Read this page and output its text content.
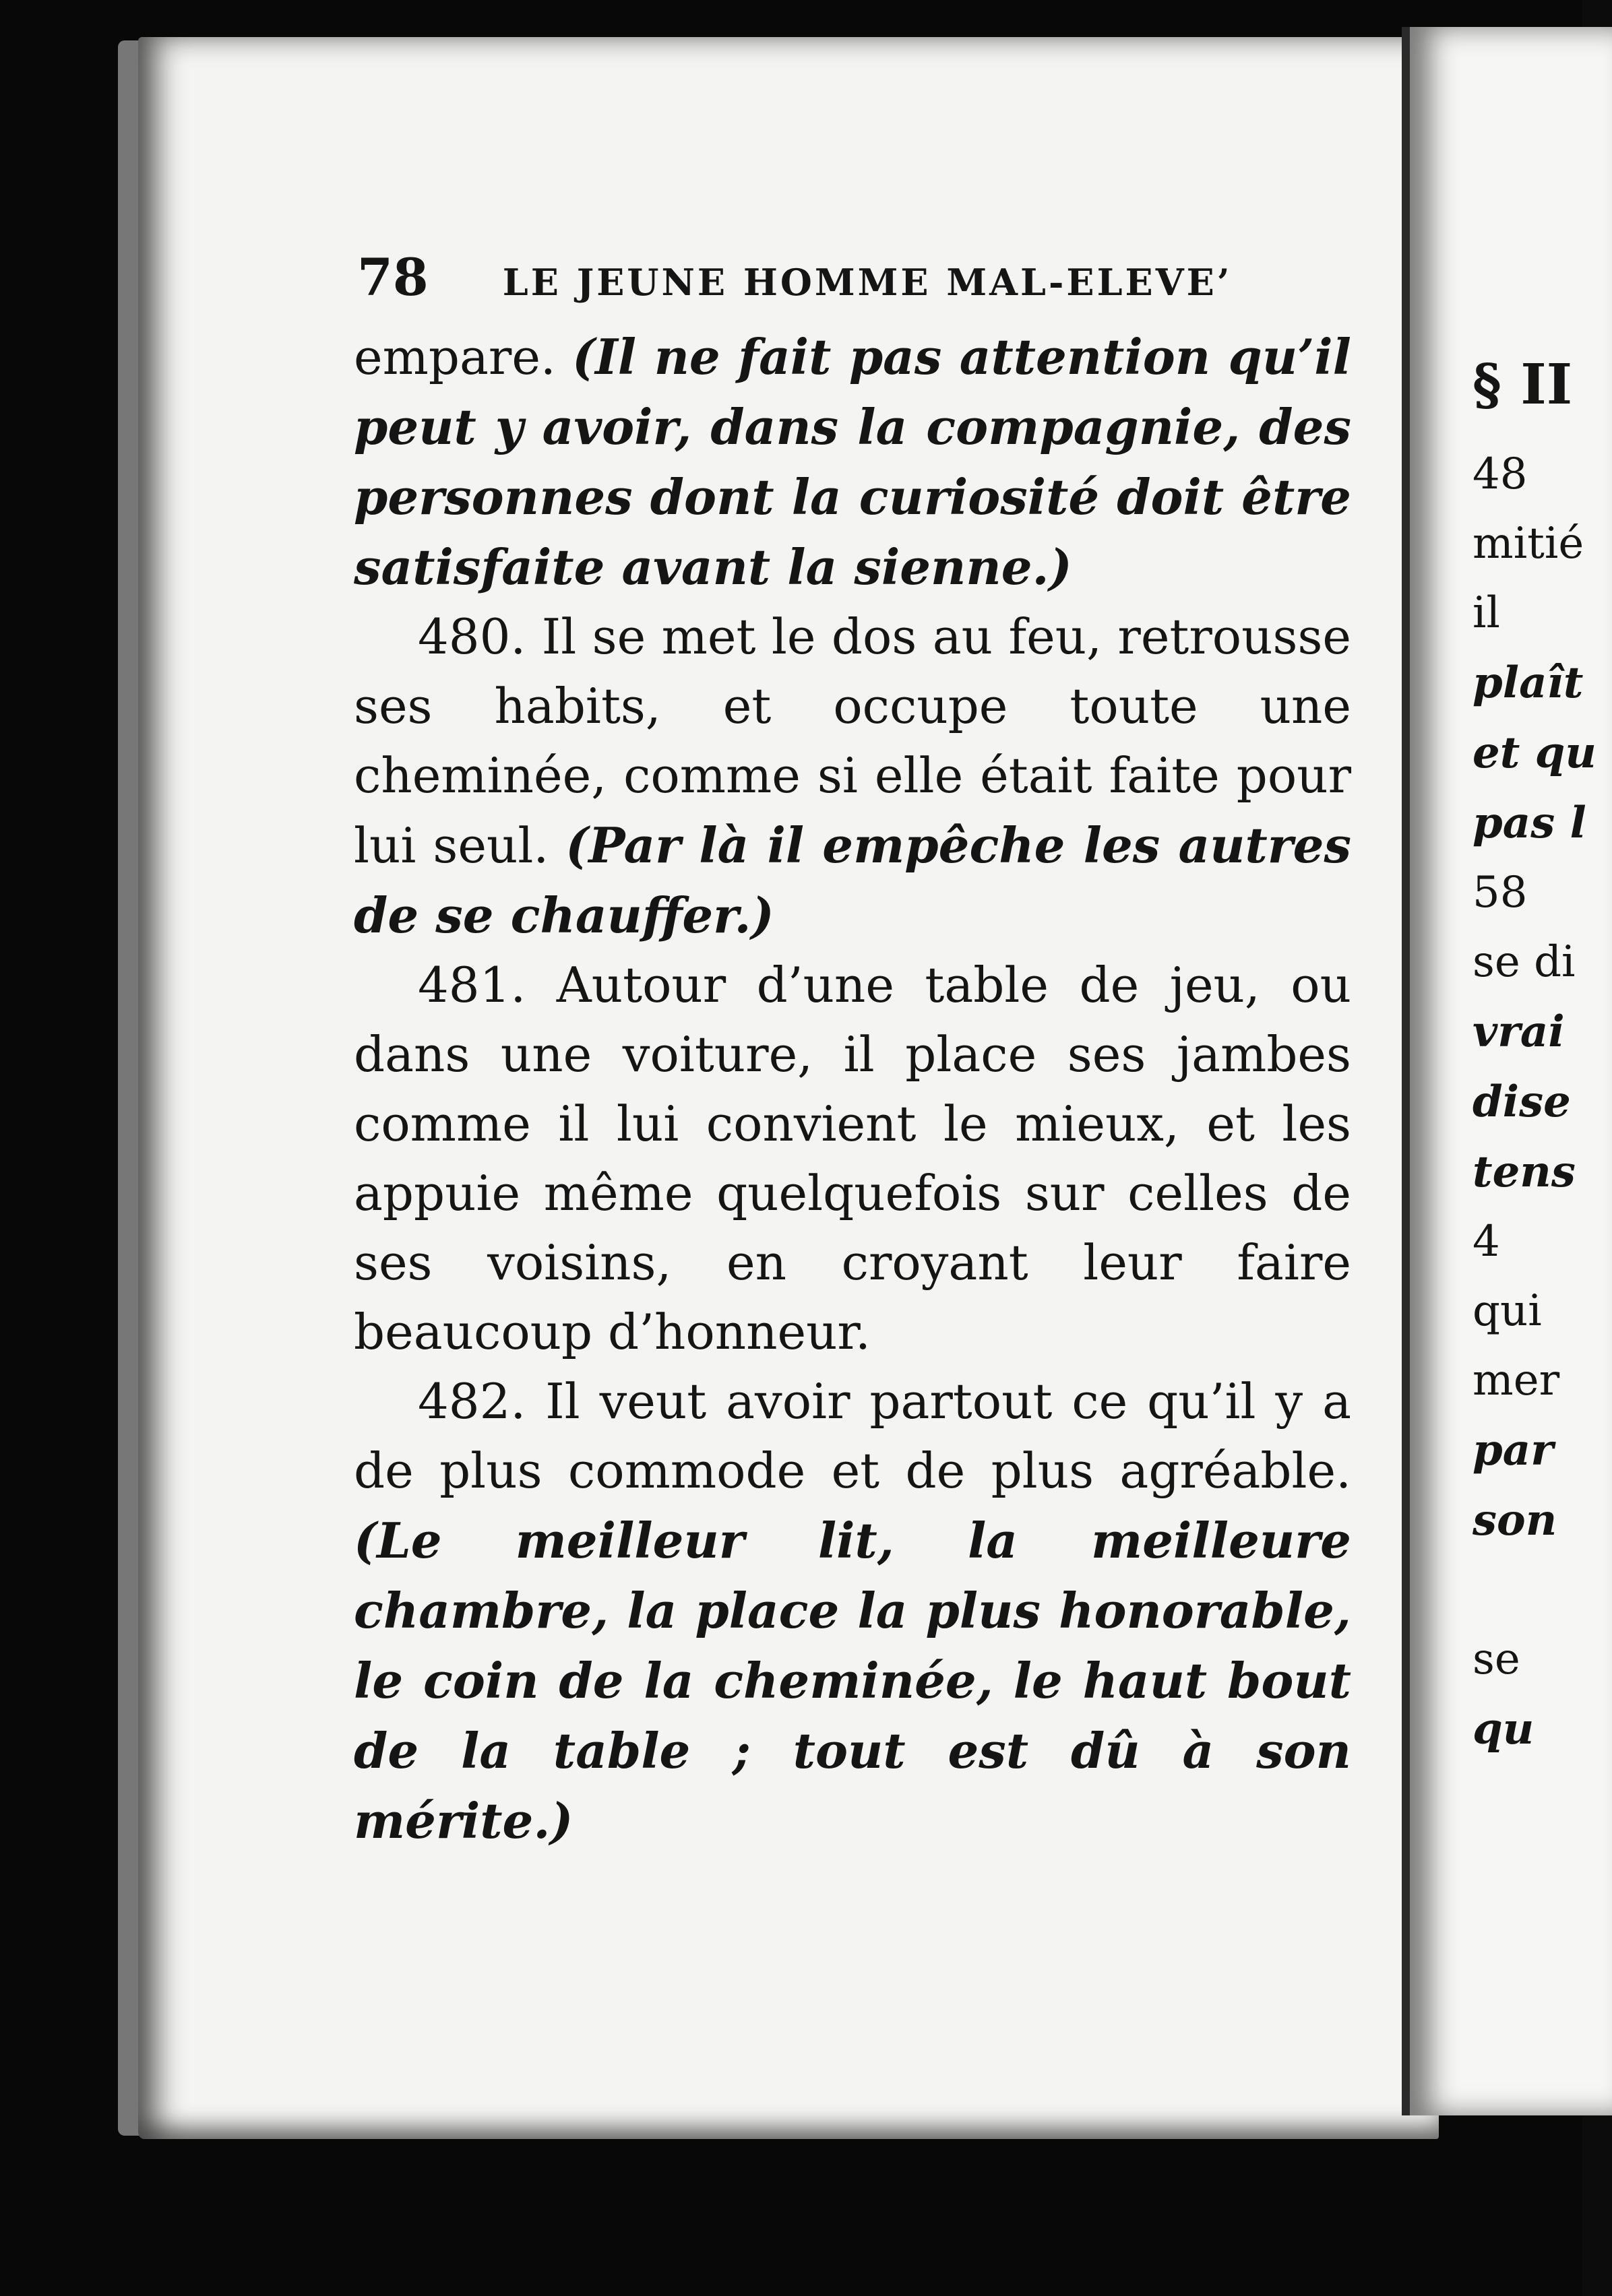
78 LE JEUNE HOMME MAL-ELEVE’

empare. (Il ne fait pas attention qu’il peut y avoir, dans la compagnie, des personnes dont la curiosité doit être satisfaite avant la sienne.)

480. Il se met le dos au feu, retrousse ses habits, et occupe toute une cheminée, comme si elle était faite pour lui seul. (Par là il empêche les autres de se chauffer.)

481. Autour d’une table de jeu, ou dans une voiture, il place ses jambes comme il lui convient le mieux, et les appuie même quelquefois sur celles de ses voisins, en croyant leur faire beaucoup d’honneur.

482. Il veut avoir partout ce qu’il y a de plus commode et de plus agréable. (Le meilleur lit, la meilleure chambre, la place la plus honorable, le coin de la cheminée, le haut bout de la table ; tout est dû à son mérite.)

§ II
48
mitié
il
plaît
et qu
pas l
58
se di
vrai
dise
tens
4
qui
mer
par
son

se
qu
